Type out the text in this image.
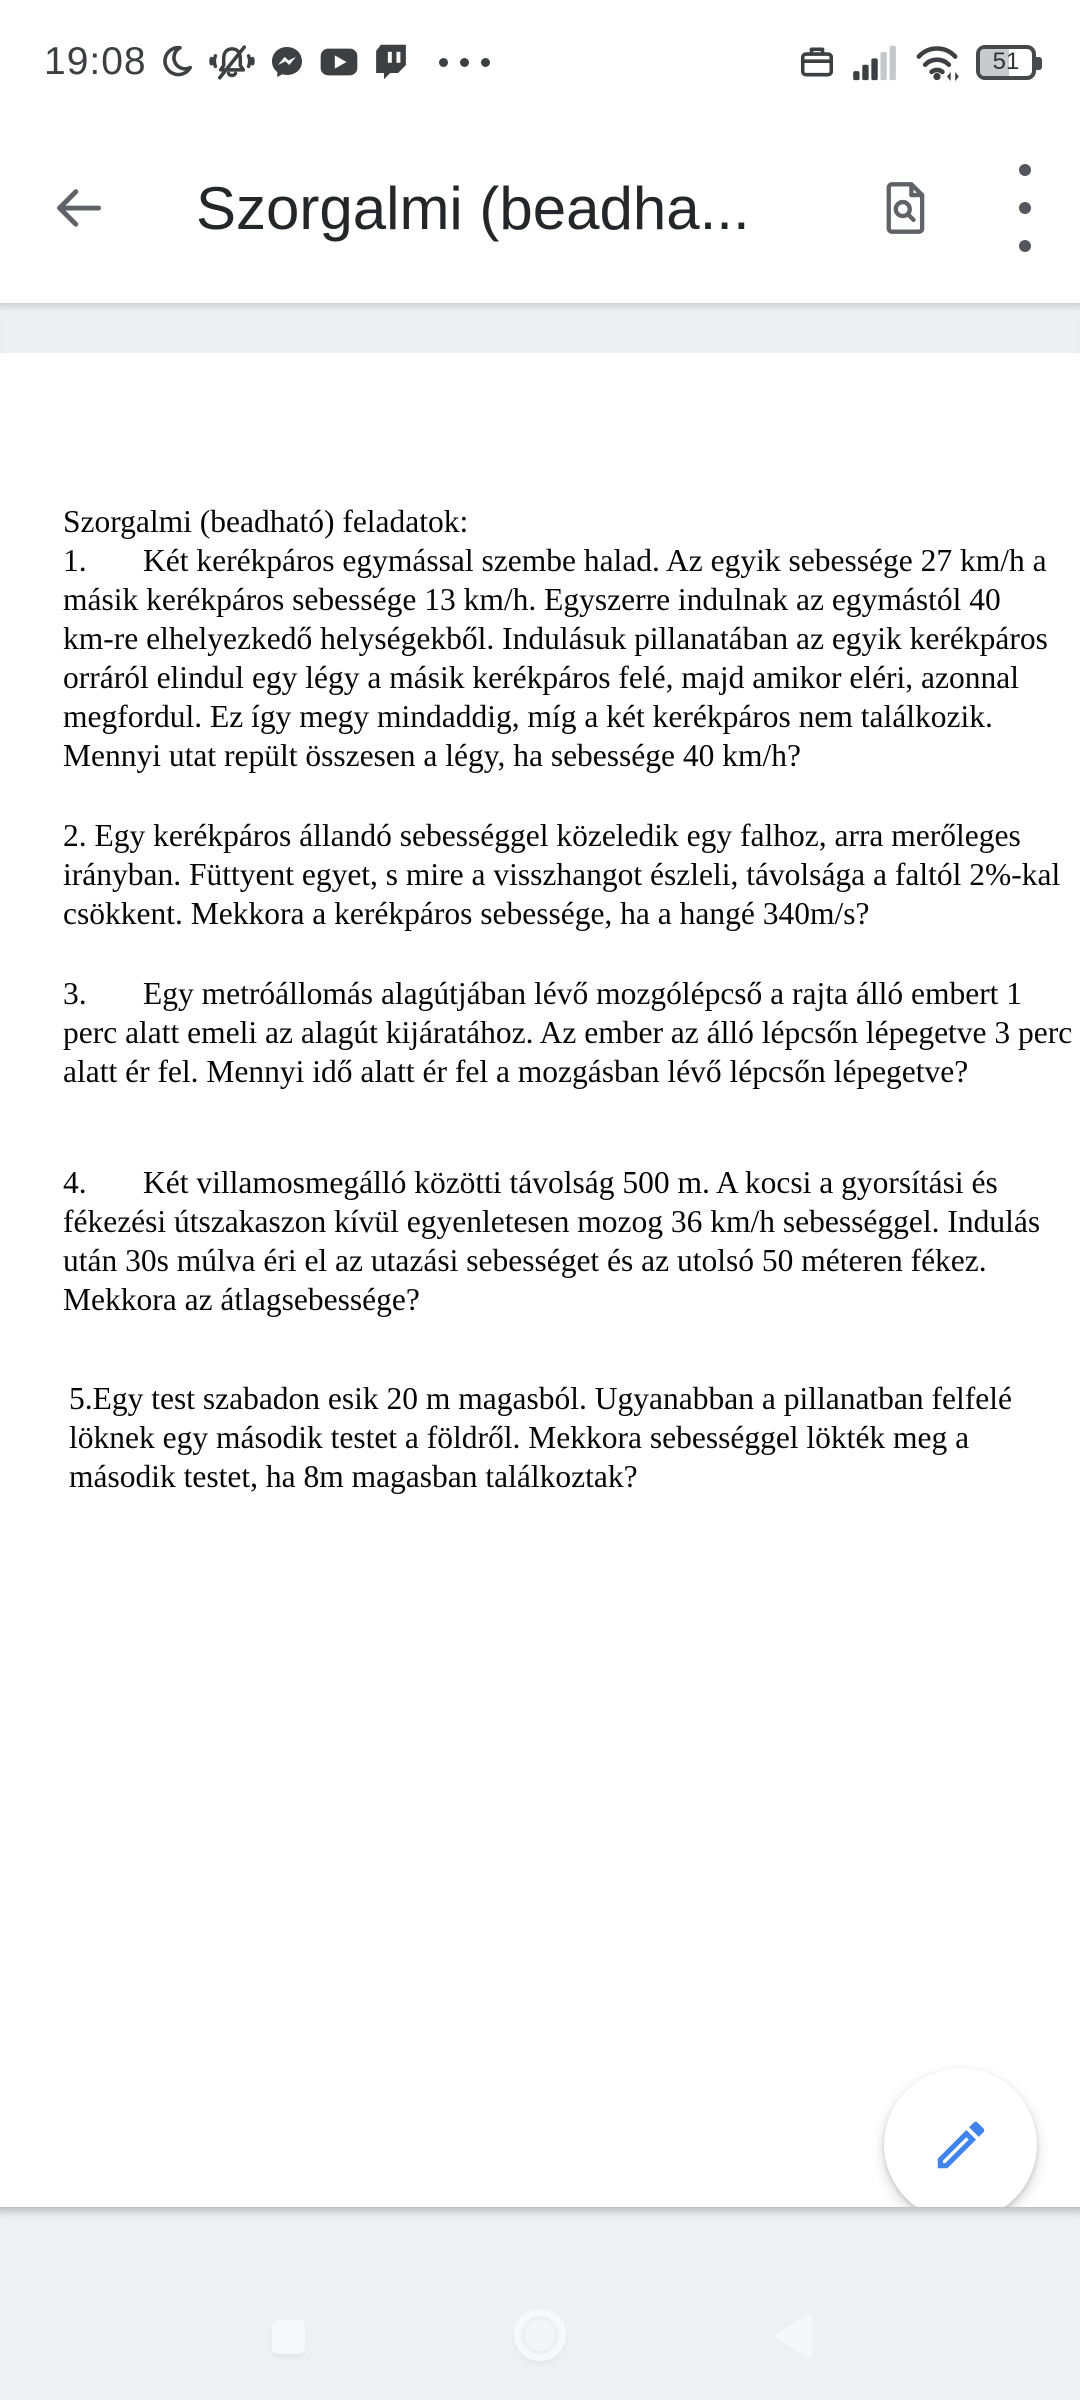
19:08	51
Szorgalmi (beadha...
Szorgalmi (beadható) feladatok:
1. Két kerékpáros egymással szembe halad. Az egyik sebessége 27 km/h a
másik kerékpáros sebessége 13 km/h. Egyszerre indulnak az egymástól 40
km-re elhelyezkedő helységekből. Indulásuk pillanatában az egyik kerékpáros
orráról elindul egy légy a másik kerékpáros felé, majd amikor eléri, azonnal
megfordul. Ez így megy mindaddig, míg a két kerékpáros nem találkozik.
Mennyi utat repült összesen a légy, ha sebessége 40 km/h?
2. Egy kerékpáros állandó sebességgel közeledik egy falhoz, arra merőleges
irányban. Füttyent egyet, s mire a visszhangot észleli, távolsága a faltól 2%-kal
csökkent. Mekkora a kerékpáros sebessége, ha a hangé 340m/s?
3. Egy metróállomás alagútjában lévő mozgólépcső a rajta álló embert 1
perc alatt emeli az alagút kijáratához. Az ember az álló lépcsőn lépegetve 3 perc
alatt ér fel. Mennyi idő alatt ér fel a mozgásban lévő lépcsőn lépegetve?
4. Két villamosmegálló közötti távolság 500 m. A kocsi a gyorsítási és
fékezési útszakaszon kívül egyenletesen mozog 36 km/h sebességgel. Indulás
után 30s múlva éri el az utazási sebességet és az utolsó 50 méteren fékez.
Mekkora az átlagsebessége?
5.Egy test szabadon esik 20 m magasból. Ugyanabban a pillanatban felfelé
löknek egy második testet a földről. Mekkora sebességgel lökték meg a
második testet, ha 8m magasban találkoztak?
